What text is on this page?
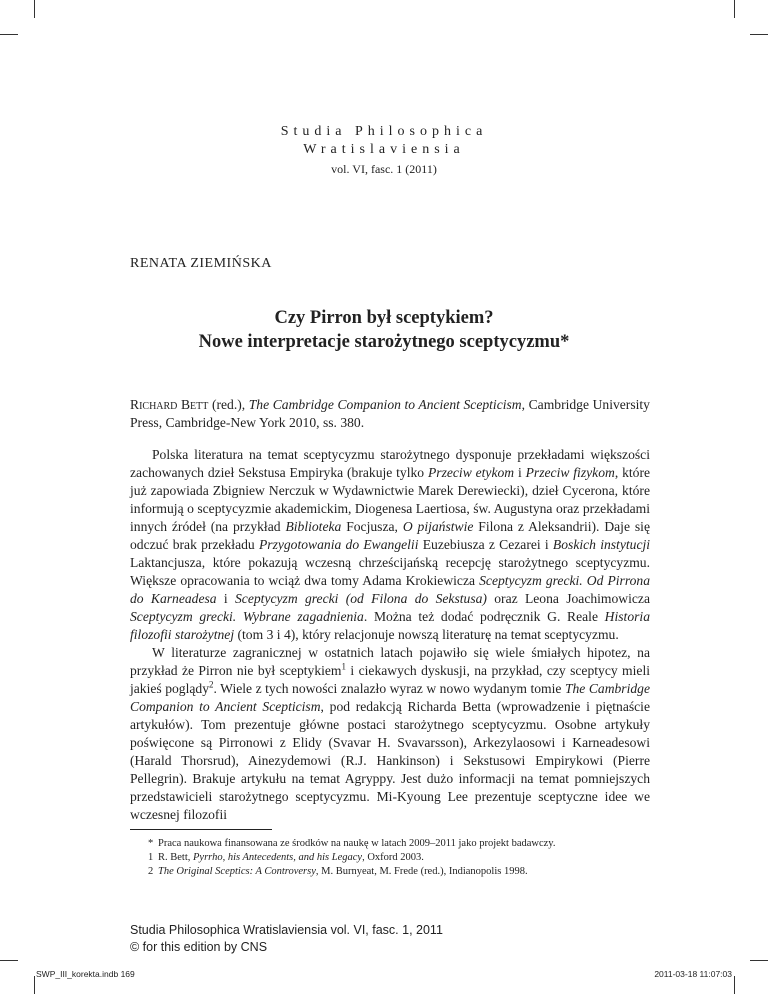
Studia Philosophica
Wratislaviensia
vol. VI, fasc. 1 (2011)
RENATA ZIEMIŃSKA
Czy Pirron był sceptykiem?
Nowe interpretacje starożytnego sceptycyzmu*
Richard Bett (red.), The Cambridge Companion to Ancient Scepticism, Cambridge University Press, Cambridge-New York 2010, ss. 380.

Polska literatura na temat sceptycyzmu starożytnego dysponuje przekładami większości zachowanych dzieł Sekstusa Empiryka (brakuje tylko Przeciw etykom i Przeciw fizykom, które już zapowiada Zbigniew Nerczuk w Wydawnictwie Marek Derewiecki), dzieł Cycerona, które informują o sceptycyzmie akademickim, Diogenesa Laertiosa, św. Augustyna oraz przekładami innych źródeł (na przykład Biblioteka Focjusza, O pijaństwie Filona z Aleksandrii). Daje się odczuć brak przekładu Przygotowania do Ewangelii Euzebiusza z Cezarei i Boskich instytucji Laktancjusza, które pokazują wczesną chrześcijańską recepcję starożytnego sceptycyzmu. Większe opracowania to wciąż dwa tomy Adama Krokiewicza Sceptycyzm grecki. Od Pirrona do Karneadesa i Sceptycyzm grecki (od Filona do Sekstusa) oraz Leona Joachimowicza Sceptycyzm grecki. Wybrane zagadnienia. Można też dodać podręcznik G. Reale Historia filozofii starożytnej (tom 3 i 4), który relacjonuje nowszą literaturę na temat sceptycyzmu.

W literaturze zagranicznej w ostatnich latach pojawiło się wiele śmiałych hipotez, na przykład że Pirron nie był sceptykiem$^1$ i ciekawych dyskusji, na przykład, czy sceptycy mieli jakieś poglądy$^2$. Wiele z tych nowości znalazło wyraz w nowo wydanym tomie The Cambridge Companion to Ancient Scepticism, pod redakcją Richarda Betta (wprowadzenie i piętnaście artykułów). Tom prezentuje główne postaci starożytnego sceptycyzmu. Osobne artykuły poświęcone są Pirronowi z Elidy (Svavar H. Svavarsson), Arkezylaosowi i Karneadesowi (Harald Thorsrud), Ainezydemowi (R.J. Hankinson) i Sekstusowi Empirykowi (Pierre Pellegrin). Brakuje artykułu na temat Agryppy. Jest dużo informacji na temat pomniejszych przedstawicieli starożytnego sceptycyzmu. Mi-Kyoung Lee prezentuje sceptyczne idee we wczesnej filozofii

* Praca naukowa finansowana ze środków na naukę w latach 2009–2011 jako projekt badawczy.
1 R. Bett, Pyrrho, his Antecedents, and his Legacy, Oxford 2003.
2 The Original Sceptics: A Controversy, M. Burnyeat, M. Frede (red.), Indianopolis 1998.
Studia Philosophica Wratislaviensia vol. VI, fasc. 1, 2011
© for this edition by CNS
SWP_III_korekta.indb 169	2011-03-18 11:07:03
